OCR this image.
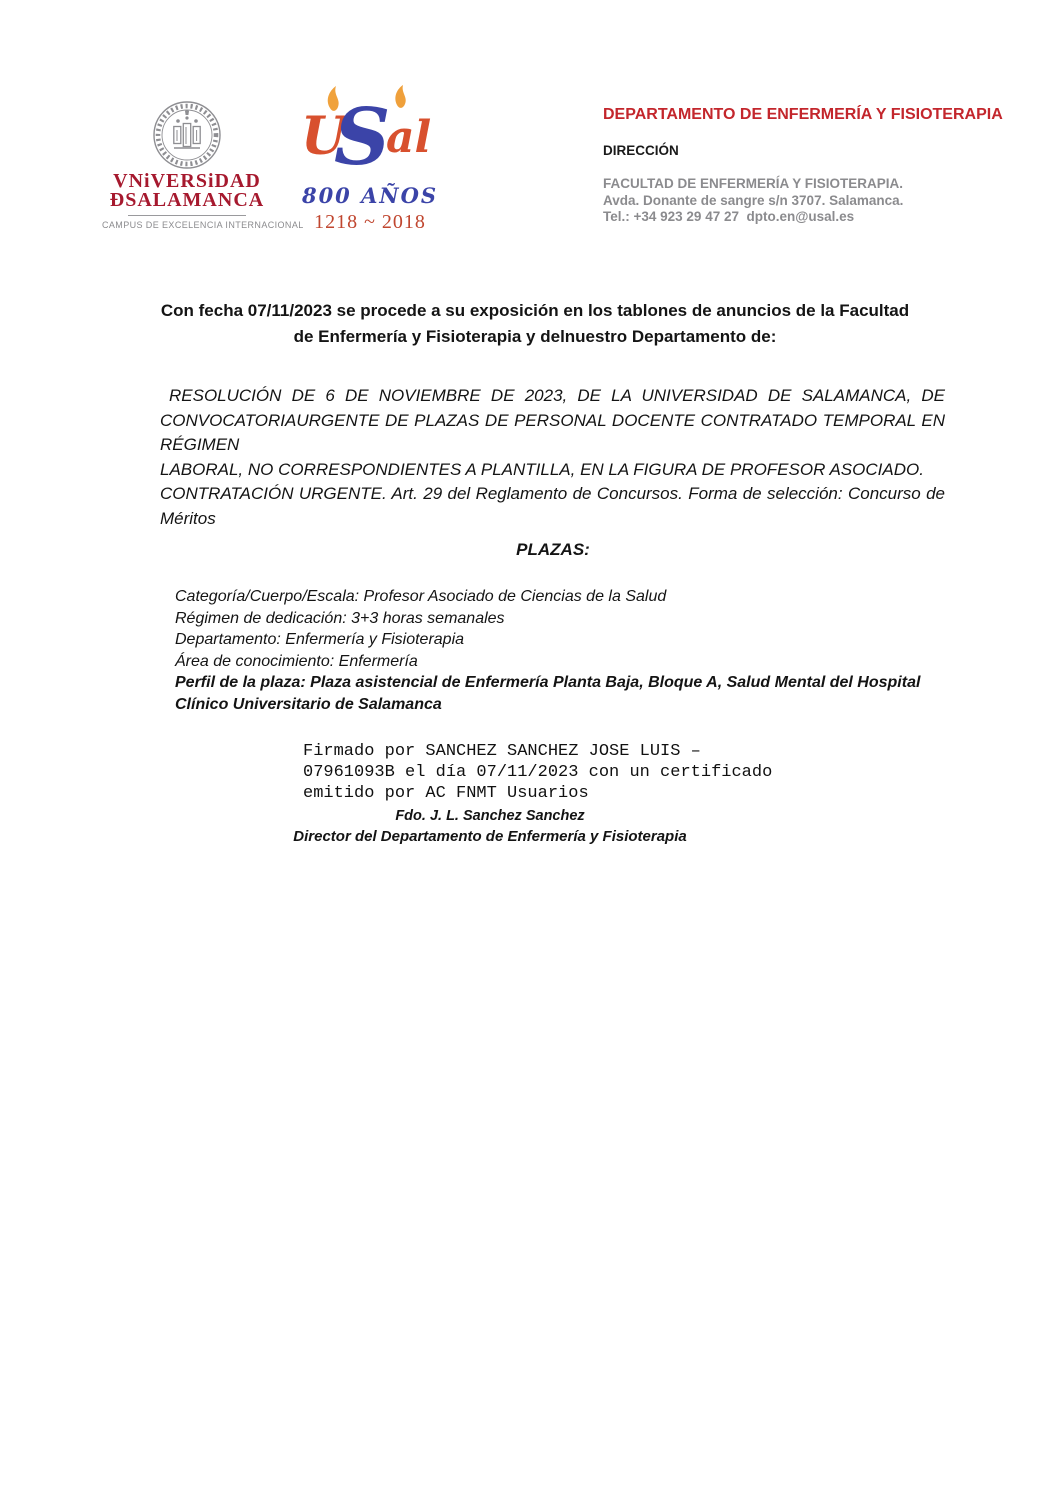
VNiVERSiDAD
ĐSALAMANCA
CAMPUS DE EXCELENCIA INTERNACIONAL
U
S
al
800 AÑOS
1218 ~ 2018
DEPARTAMENTO DE ENFERMERÍA Y FISIOTERAPIA
DIRECCIÓN
FACULTAD DE ENFERMERÍA Y FISIOTERAPIA.
Avda. Donante de sangre s/n 3707. Salamanca.
Tel.: +34 923 29 47 27  dpto.en@usal.es
Con fecha 07/11/2023 se procede a su exposición en los tablones de anuncios de la Facultad de Enfermería y Fisioterapia y delnuestro Departamento de:
RESOLUCIÓN DE 6 DE NOVIEMBRE DE 2023, DE LA UNIVERSIDAD DE SALAMANCA, DE
CONVOCATORIAURGENTE DE PLAZAS DE PERSONAL DOCENTE CONTRATADO TEMPORAL EN RÉGIMEN
LABORAL, NO CORRESPONDIENTES A PLANTILLA, EN LA FIGURA DE PROFESOR ASOCIADO.
CONTRATACIÓN URGENTE. Art. 29 del Reglamento de Concursos. Forma de selección: Concurso de
Méritos
PLAZAS:
Categoría/Cuerpo/Escala: Profesor Asociado de Ciencias de la Salud
Régimen de dedicación: 3+3 horas semanales
Departamento: Enfermería y Fisioterapia
Área de conocimiento: Enfermería
Perfil de la plaza: Plaza asistencial de Enfermería Planta Baja, Bloque A, Salud Mental del Hospital Clínico Universitario de Salamanca
Firmado por SANCHEZ SANCHEZ JOSE LUIS –
07961093B el día 07/11/2023 con un certificado
emitido por AC FNMT Usuarios
Fdo. J. L. Sanchez Sanchez
Director del Departamento de Enfermería y Fisioterapia
